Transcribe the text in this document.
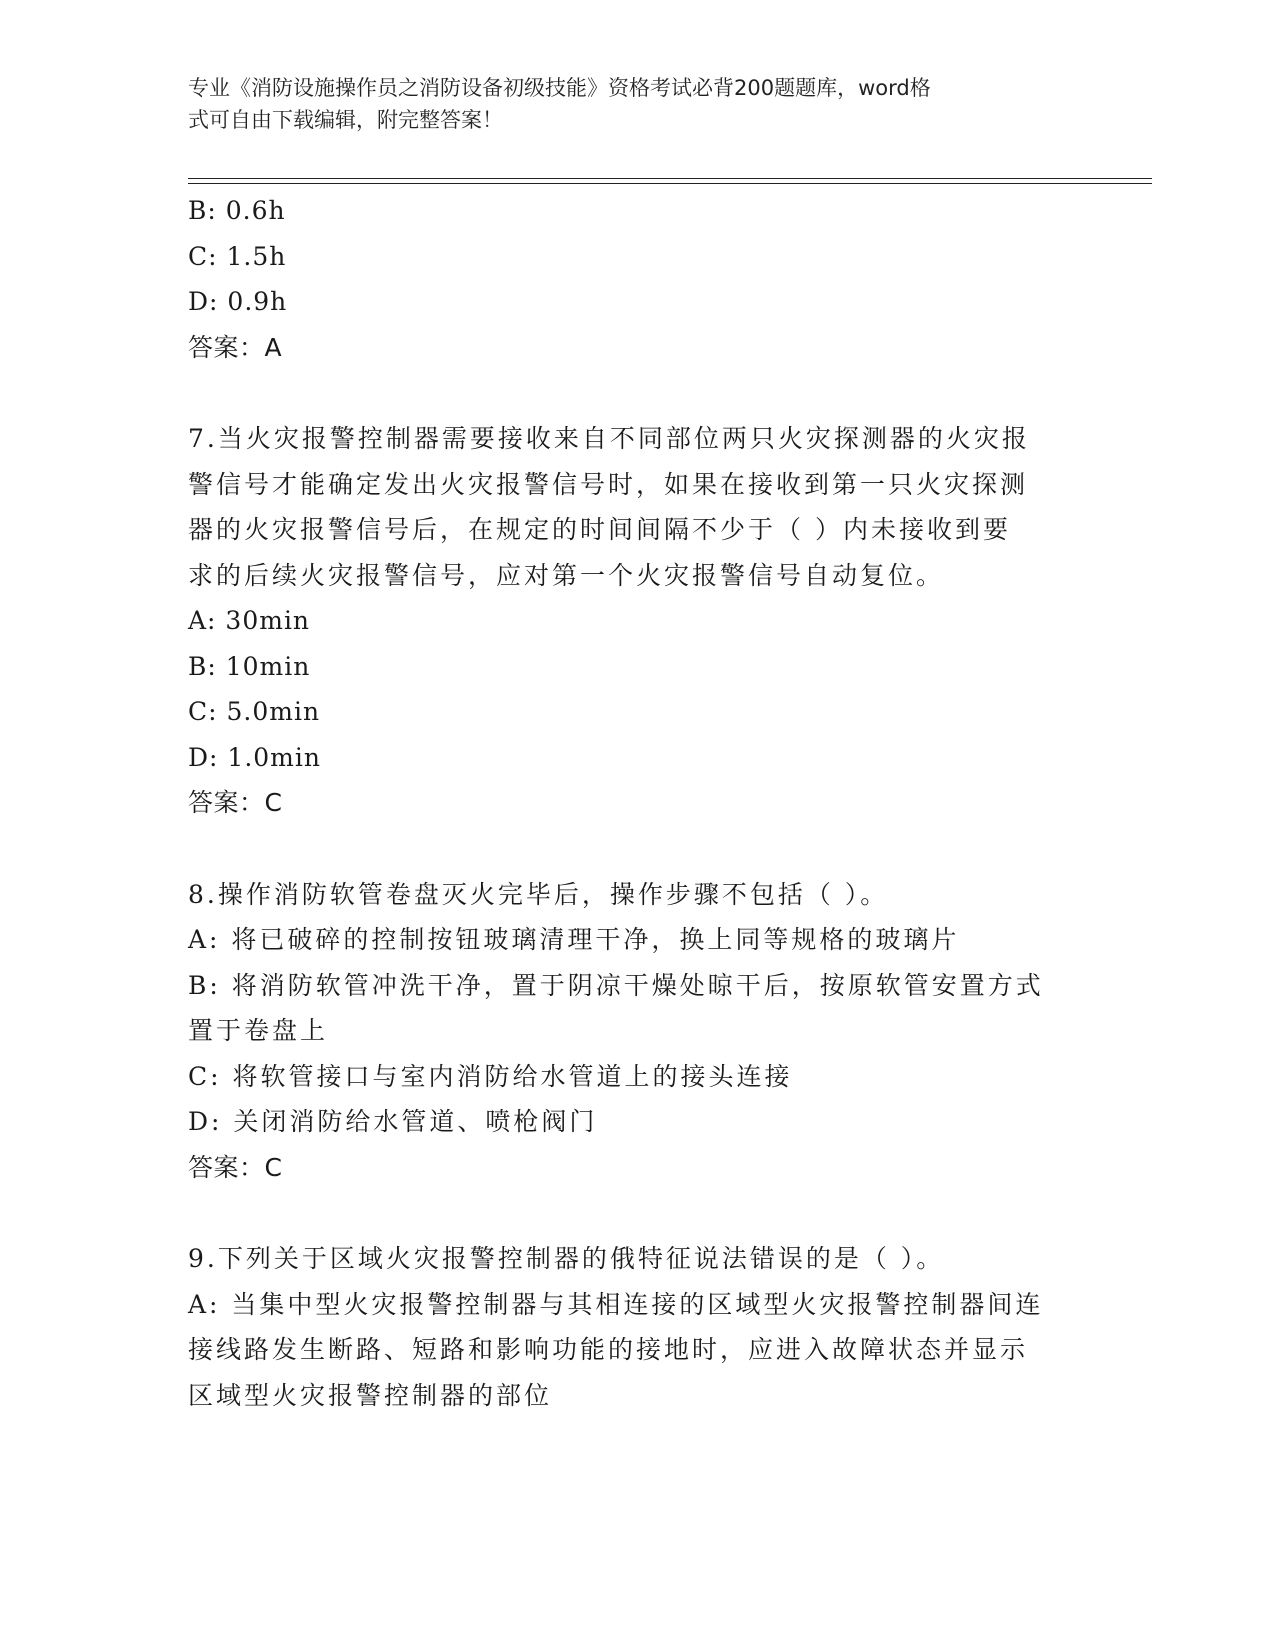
专业《消防设施操作员之消防设备初级技能》资格考试必背200题题库，word格
式可自由下载编辑，附完整答案！
B: 0.6h
C: 1.5h
D: 0.9h
答案：A
7.当火灾报警控制器需要接收来自不同部位两只火灾探测器的火灾报
警信号才能确定发出火灾报警信号时，如果在接收到第一只火灾探测
器的火灾报警信号后，在规定的时间间隔不少于（ ）内未接收到要
求的后续火灾报警信号，应对第一个火灾报警信号自动复位。
A: 30min
B: 10min
C: 5.0min
D: 1.0min
答案：C
8.操作消防软管卷盘灭火完毕后，操作步骤不包括（ ）。
A: 将已破碎的控制按钮玻璃清理干净，换上同等规格的玻璃片
B: 将消防软管冲洗干净，置于阴凉干燥处晾干后，按原软管安置方式
置于卷盘上
C: 将软管接口与室内消防给水管道上的接头连接
D: 关闭消防给水管道、喷枪阀门
答案：C
9.下列关于区域火灾报警控制器的俄特征说法错误的是（ ）。
A: 当集中型火灾报警控制器与其相连接的区域型火灾报警控制器间连
接线路发生断路、短路和影响功能的接地时，应进入故障状态并显示
区域型火灾报警控制器的部位
